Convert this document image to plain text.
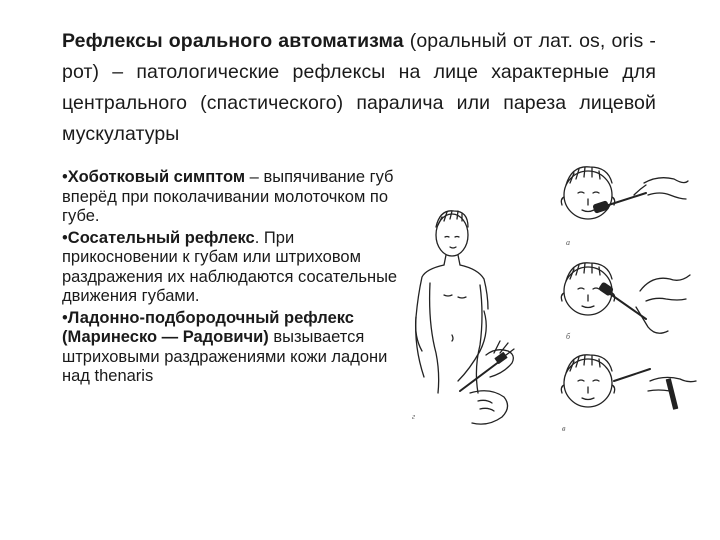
Рефлексы орального автоматизма (оральный от лат. os, oris - рот) – патологические рефлексы на лице характерные для центрального (спастического) паралича или пареза лицевой мускулатуры

•Хоботковый симптом – выпячивание губ вперёд при поколачивании молоточком по губе.
•Сосательный рефлекс. При прикосновении к губам или штриховом раздражения их наблюдаются сосательные движения губами.
•Ладонно-подбородочный рефлекс (Маринеско — Радовичи) вызывается штриховыми раздражениями кожи ладони над thenaris
а
б
в
г
